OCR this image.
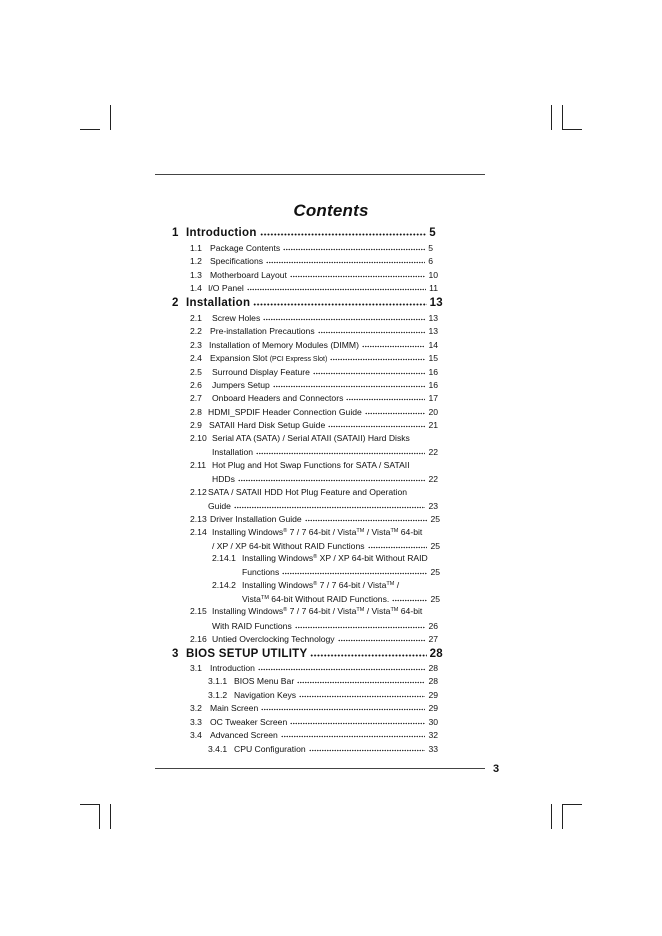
Contents
1 Introduction	5
1.1 Package Contents	5
1.2 Specifications	6
1.3 Motherboard Layout	10
1.4 I/O Panel	11
2 Installation	13
2.1	Screw Holes	13
2.2 Pre-installation Precautions	13
2.3 Installation of Memory Modules (DIMM)	14
2.4 Expansion Slot
(PCI Express Slot)	15
2.5	Surround Display Feature	16
2.6	Jumpers Setup	16
2.7	Onboard Headers and Connectors	17
2.8 HDMI_SPDIF Header Connection Guide	20
2.9 SATAII Hard Disk Setup Guide	21
2.10 Serial ATA (SATA) / Serial ATAII (SATAII) Hard Disks
Installation	22
2.11 Hot Plug and Hot Swap Functions for SATA / SATAII
HDDs	22
2.12SATA / SATAII HDD Hot Plug Feature and Operation
Guide	23
2.13 Driver Installation Guide	25
2.14 Installing Windows® 7 / 7 64-bit / Vista™ / Vista™ 64-bit
/ XP / XP 64-bit Without RAID Functions	25
2.14.1 Installing Windows® XP / XP 64-bit Without RAID
Functions	25
2.14.2 Installing Windows® 7 / 7 64-bit / Vista™ /
Vista TM
64-bit Without RAID Functions.	25
2.15 Installing Windows® 7 / 7 64-bit / Vista™ / Vista™ 64-bit
With RAID Functions	26
2.16 Untied Overclocking Technology	27
3 BIOS SETUP UTILITY	28
3.1 Introduction	28
3.1.1 BIOS Menu Bar	28
3.1.2 Navigation Keys	29
3.2 Main Screen	29
3.3 OC Tweaker Screen	30
3.4 Advanced Screen	32
3.4.1 CPU Configuration	33
3
